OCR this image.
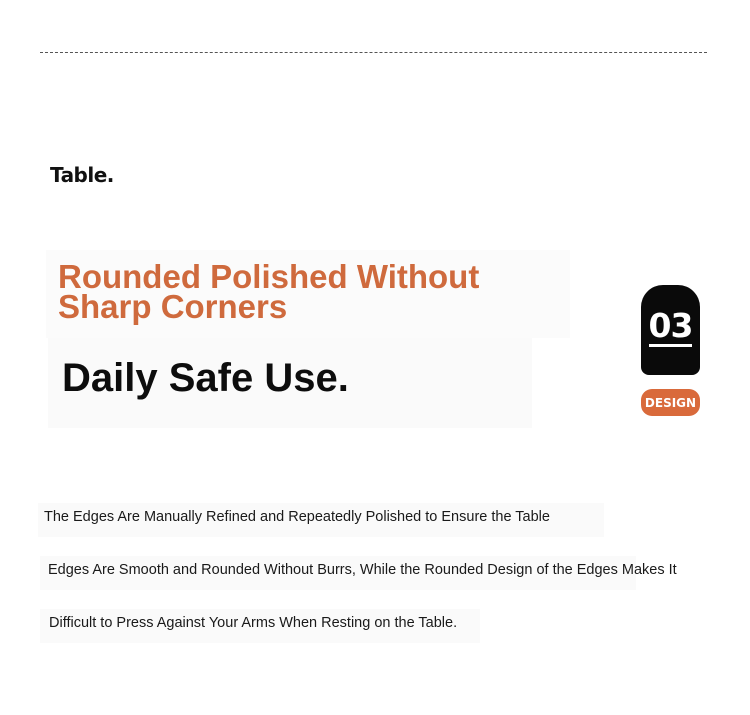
Table.
Rounded Polished Without Sharp Corners
Daily Safe Use.
03
DESIGN

The Edges Are Manually Refined and Repeatedly Polished to Ensure the Table

Edges Are Smooth and Rounded Without Burrs, While the Rounded Design of the Edges Makes It

Difficult to Press Against Your Arms When Resting on the Table.
